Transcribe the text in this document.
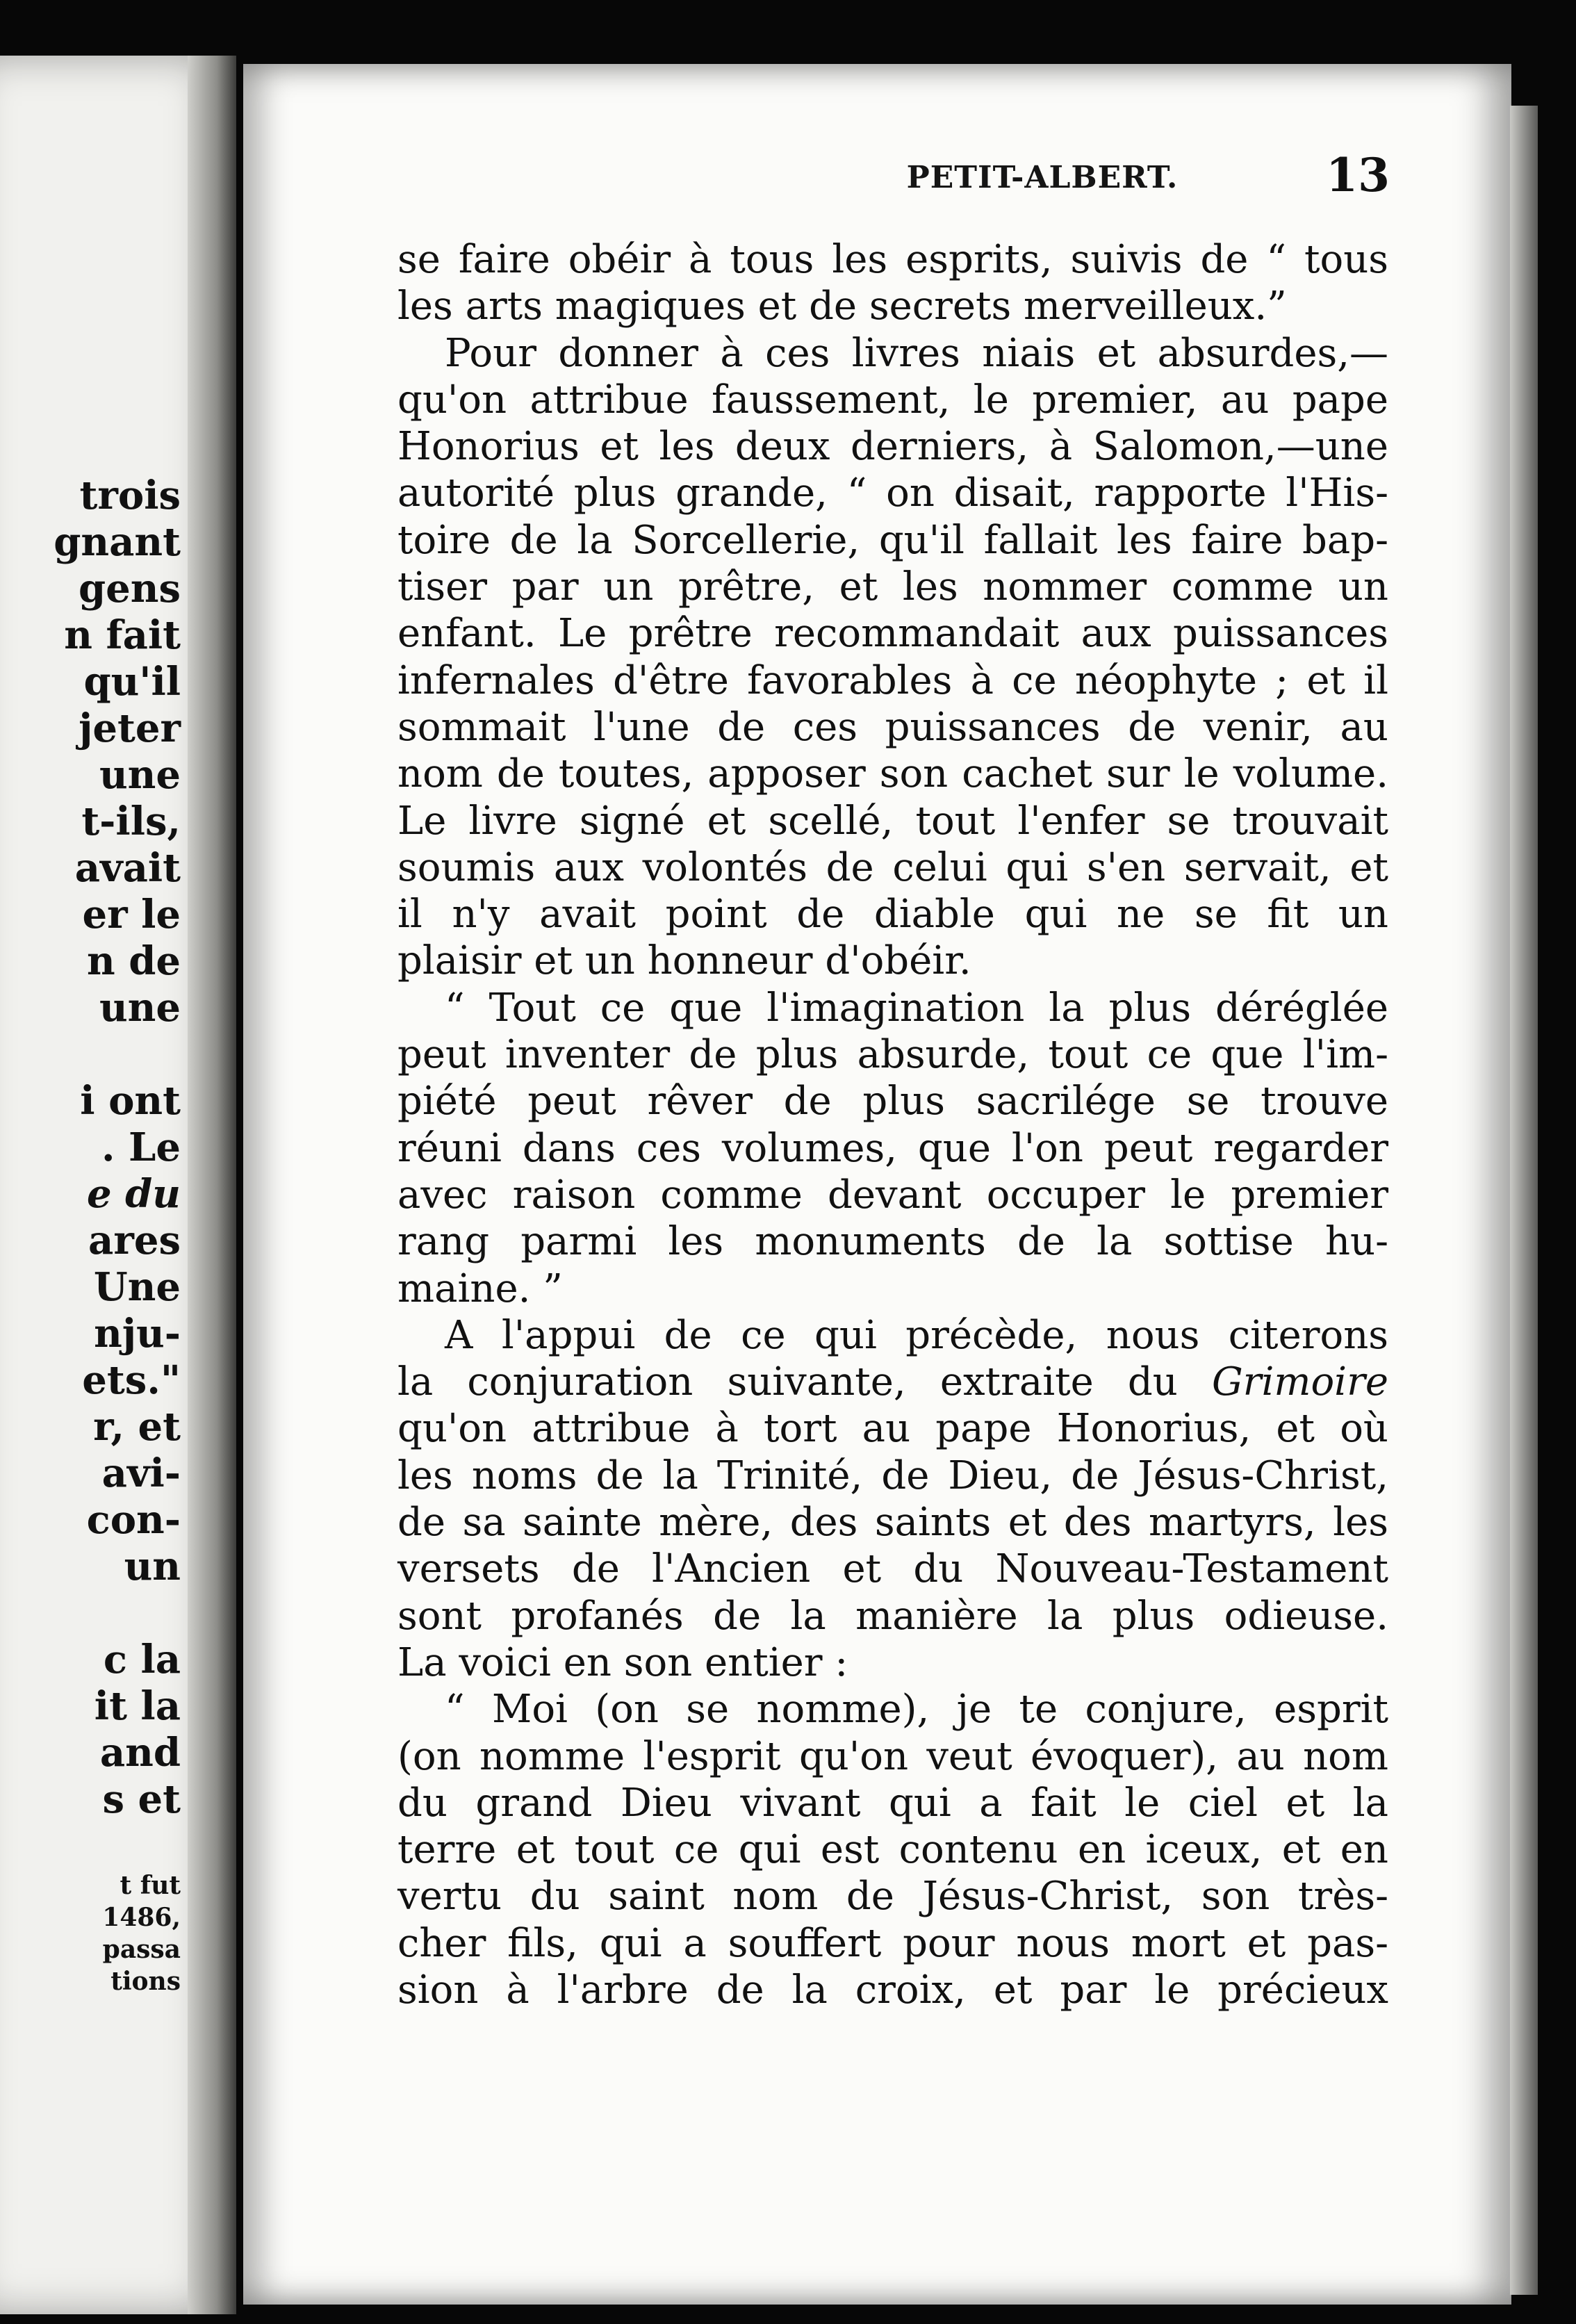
trois
gnant
gens
n fait
qu'il
jeter
une
t-ils,
avait
er le
n de
une
i ont
. Le
e du
ares
Une
nju-
ets."
r, et
avi-
con-
un
c la
it la
and
s et
t fut
1486,
passa
tions
PETIT-ALBERT.	13
se faire obéir à tous les esprits, suivis de “ tous
les arts magiques et de secrets merveilleux.”
Pour donner à ces livres niais et absurdes,—
qu'on attribue faussement, le premier, au pape
Honorius et les deux derniers, à Salomon,—une
autorité plus grande, “ on disait, rapporte l'His-
toire de la Sorcellerie, qu'il fallait les faire bap-
tiser par un prêtre, et les nommer comme un
enfant. Le prêtre recommandait aux puissances
infernales d'être favorables à ce néophyte ; et il
sommait l'une de ces puissances de venir, au
nom de toutes, apposer son cachet sur le volume.
Le livre signé et scellé, tout l'enfer se trouvait
soumis aux volontés de celui qui s'en servait, et
il n'y avait point de diable qui ne se fit un
plaisir et un honneur d'obéir.
“ Tout ce que l'imagination la plus déréglée
peut inventer de plus absurde, tout ce que l'im-
piété peut rêver de plus sacrilége se trouve
réuni dans ces volumes, que l'on peut regarder
avec raison comme devant occuper le premier
rang parmi les monuments de la sottise hu-
maine. ”
A l'appui de ce qui précède, nous citerons
la conjuration suivante, extraite du Grimoire
qu'on attribue à tort au pape Honorius, et où
les noms de la Trinité, de Dieu, de Jésus-Christ,
de sa sainte mère, des saints et des martyrs, les
versets de l'Ancien et du Nouveau-Testament
sont profanés de la manière la plus odieuse.
La voici en son entier :
“ Moi (on se nomme), je te conjure, esprit
(on nomme l'esprit qu'on veut évoquer), au nom
du grand Dieu vivant qui a fait le ciel et la
terre et tout ce qui est contenu en iceux, et en
vertu du saint nom de Jésus-Christ, son très-
cher fils, qui a souffert pour nous mort et pas-
sion à l'arbre de la croix, et par le précieux
